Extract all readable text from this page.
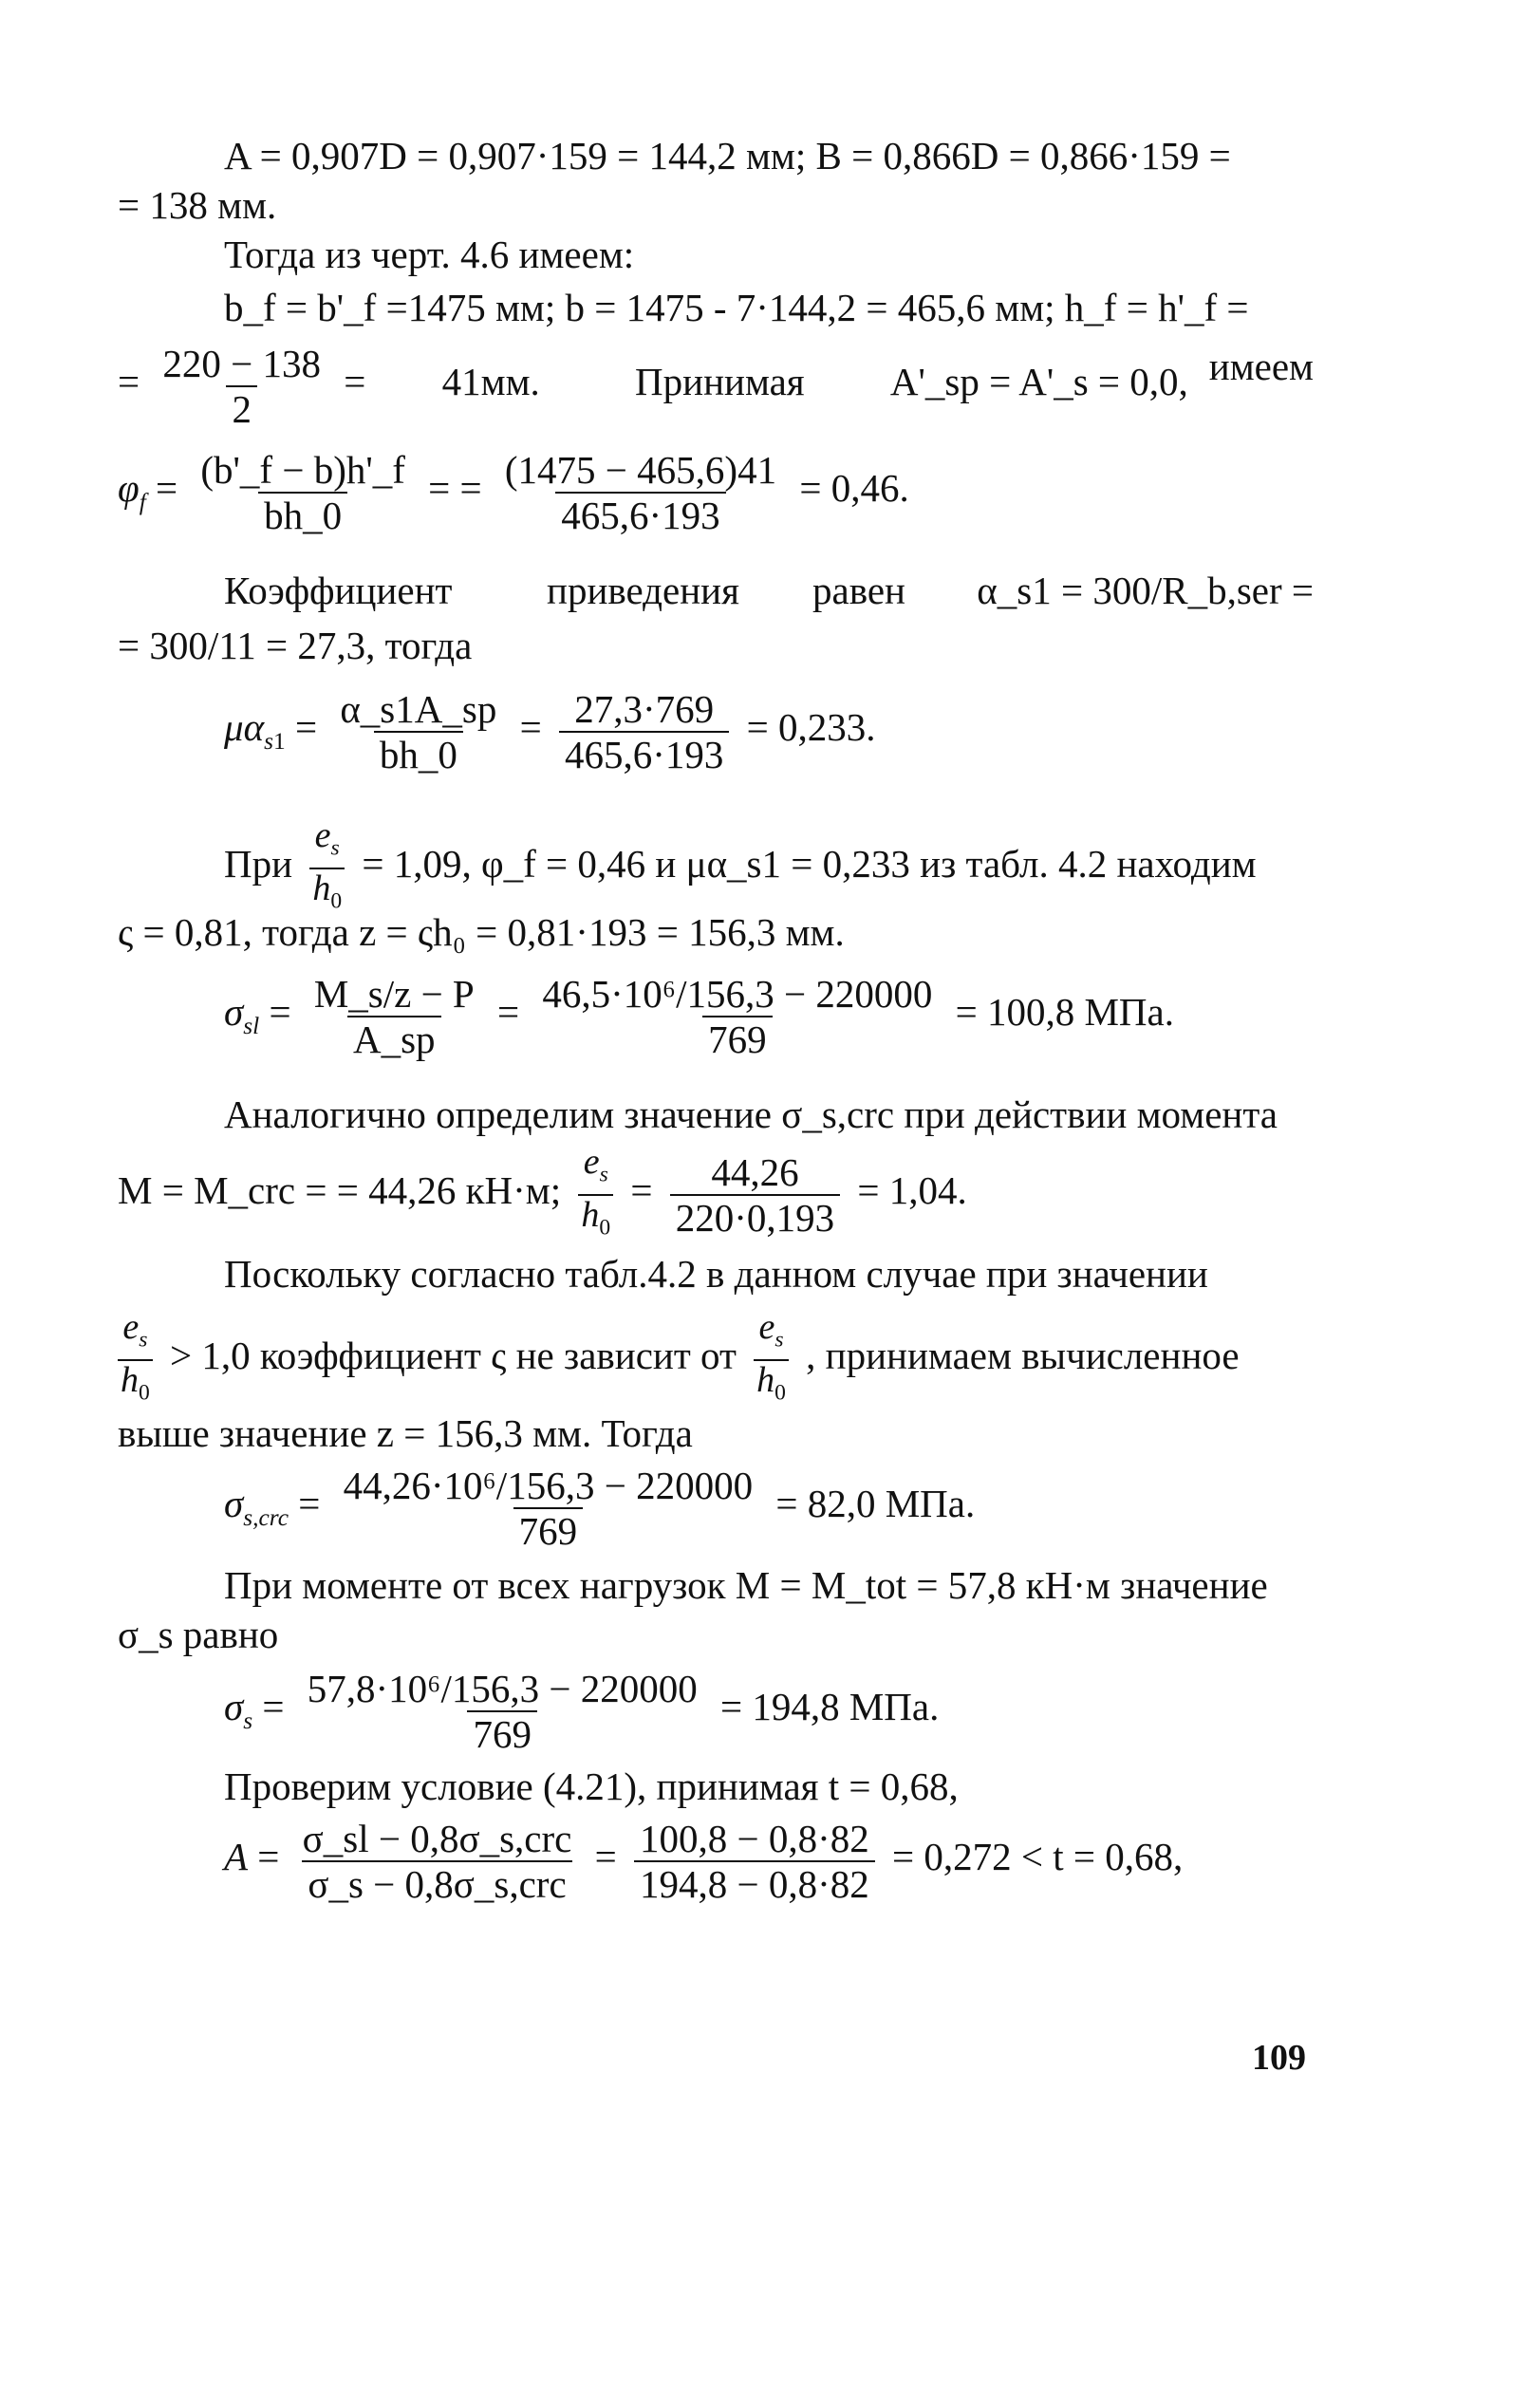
A = 0,907D = 0,907·159 = 144,2 мм; B = 0,866D = 0,866·159 =
= 138 мм.
Тогда из черт. 4.6 имеем:
b_f = b'_f =1475 мм; b = 1475 - 7·144,2 = 465,6 мм; h_f = h'_f =
= $\frac{220 - 138}{2} = 41мм$. Принимая A'_sp = A'_s = 0,0, имеем
$\varphi_f = \frac{(b'\_f - b)h'\_f}{bh\_0}$ = = $\frac{(1475 - 465,6)41}{465,6\cdot 193} = 0,46$.
Коэффициент приведения равен α_s1 = 300/R_b,ser =
= 300/11 = 27,3, тогда
$\mu\alpha_{s1} = \frac{\alpha\_s1A\_sp}{bh\_0} = \frac{27,3\cdot 769}{465,6\cdot 193} = 0,233$.
При $\frac{e_s}{h_0} = 1,09$, φ_f = 0,46 и μα_s1 = 0,233 из табл. 4.2 находим
ς = 0,81, тогда z = ςh₀ = 0,81·193 = 156,3 мм.
$\sigma_{sl} = \frac{M\_s/z - P}{A\_sp} = \frac{\text{46,5·10⁶/156,3 − 220000}}{769} = 100,8$ МПа.
Аналогично определим значение σ_s,crc при действии момента
M = M_crc = = 44,26 кН·м; $\frac{e_s}{h_0} = \frac{44,26}{220\cdot 0,193} = 1,04$.
Поскольку согласно табл.4.2 в данном случае при значении
$\frac{e_s}{h_0} > 1,0$ коэффициент ς не зависит от $\frac{e_s}{h_0}$ , принимаем вычисленное
выше значение z = 156,3 мм. Тогда
$\sigma_{s,crc} = \frac{\text{44,26·10⁶/156,3 − 220000}}{769} = 82,0$ МПа.
При моменте от всех нагрузок M = M_tot = 57,8 кН·м значение
σ_s равно
$\sigma_s = \frac{\text{57,8·10⁶/156,3 − 220000}}{769} = 194,8$ МПа.
Проверим условие (4.21), принимая t = 0,68,
$A = \frac{\text{σ\_sl − 0,8σ\_s,crc}}{\text{σ\_s − 0,8σ\_s,crc}} = \frac{100,8 - 0,8\cdot 82}{194,8 - 0,8\cdot 82} = 0,272 < t = 0,68$,
109
